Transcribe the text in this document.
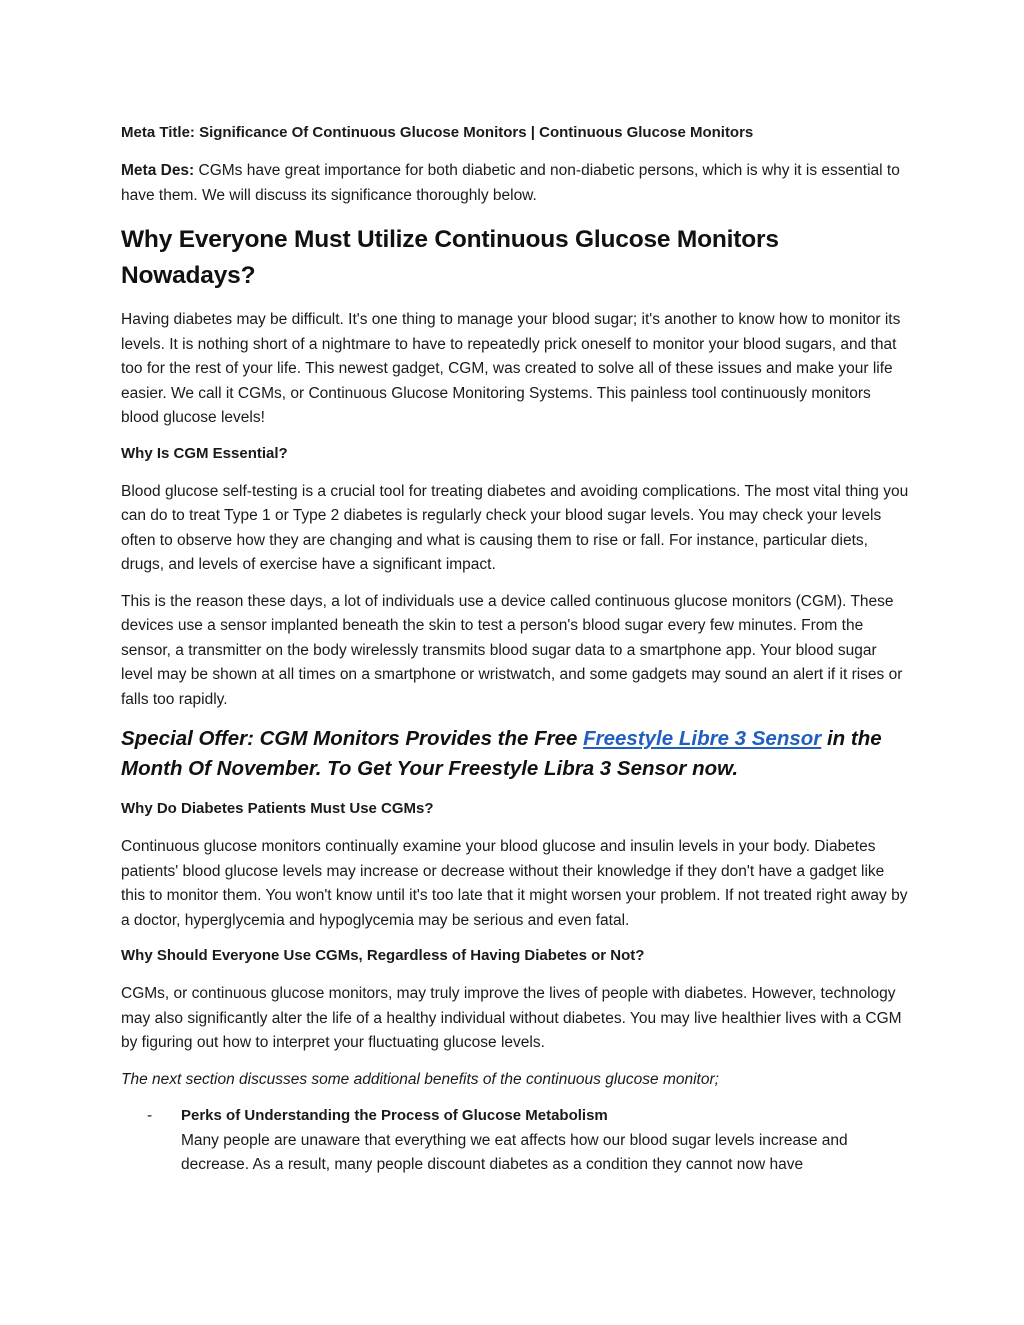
Meta Title: Significance Of Continuous Glucose Monitors | Continuous Glucose Monitors

Meta Des: CGMs have great importance for both diabetic and non-diabetic persons, which is why it is essential to have them. We will discuss its significance thoroughly below.

Why Everyone Must Utilize Continuous Glucose Monitors Nowadays?

Having diabetes may be difficult. It's one thing to manage your blood sugar; it's another to know how to monitor its levels. It is nothing short of a nightmare to have to repeatedly prick oneself to monitor your blood sugars, and that too for the rest of your life. This newest gadget, CGM, was created to solve all of these issues and make your life easier. We call it CGMs, or Continuous Glucose Monitoring Systems. This painless tool continuously monitors blood glucose levels!

Why Is CGM Essential?

Blood glucose self-testing is a crucial tool for treating diabetes and avoiding complications. The most vital thing you can do to treat Type 1 or Type 2 diabetes is regularly check your blood sugar levels. You may check your levels often to observe how they are changing and what is causing them to rise or fall. For instance, particular diets, drugs, and levels of exercise have a significant impact.

This is the reason these days, a lot of individuals use a device called continuous glucose monitors (CGM). These devices use a sensor implanted beneath the skin to test a person's blood sugar every few minutes. From the sensor, a transmitter on the body wirelessly transmits blood sugar data to a smartphone app. Your blood sugar level may be shown at all times on a smartphone or wristwatch, and some gadgets may sound an alert if it rises or falls too rapidly.

Special Offer: CGM Monitors Provides the Free Freestyle Libre 3 Sensor in the Month Of November. To Get Your Freestyle Libra 3 Sensor now.

Why Do Diabetes Patients Must Use CGMs?

Continuous glucose monitors continually examine your blood glucose and insulin levels in your body. Diabetes patients' blood glucose levels may increase or decrease without their knowledge if they don't have a gadget like this to monitor them. You won't know until it's too late that it might worsen your problem. If not treated right away by a doctor, hyperglycemia and hypoglycemia may be serious and even fatal.

Why Should Everyone Use CGMs, Regardless of Having Diabetes or Not?

CGMs, or continuous glucose monitors, may truly improve the lives of people with diabetes. However, technology may also significantly alter the life of a healthy individual without diabetes. You may live healthier lives with a CGM by figuring out how to interpret your fluctuating glucose levels.

The next section discusses some additional benefits of the continuous glucose monitor;

- Perks of Understanding the Process of Glucose Metabolism
Many people are unaware that everything we eat affects how our blood sugar levels increase and decrease. As a result, many people discount diabetes as a condition they cannot now have
